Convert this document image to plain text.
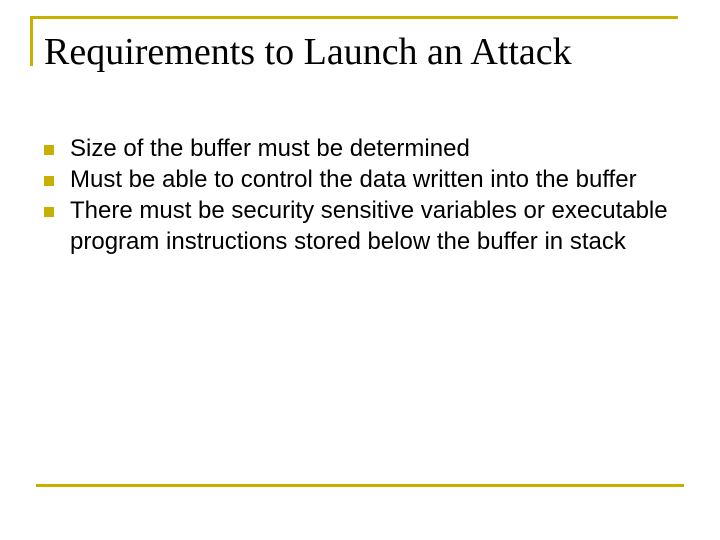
Requirements to Launch an Attack
Size of the buffer must be determined
Must be able to control the data written into the buffer
There must be security sensitive variables or executable program instructions stored below the buffer in stack
